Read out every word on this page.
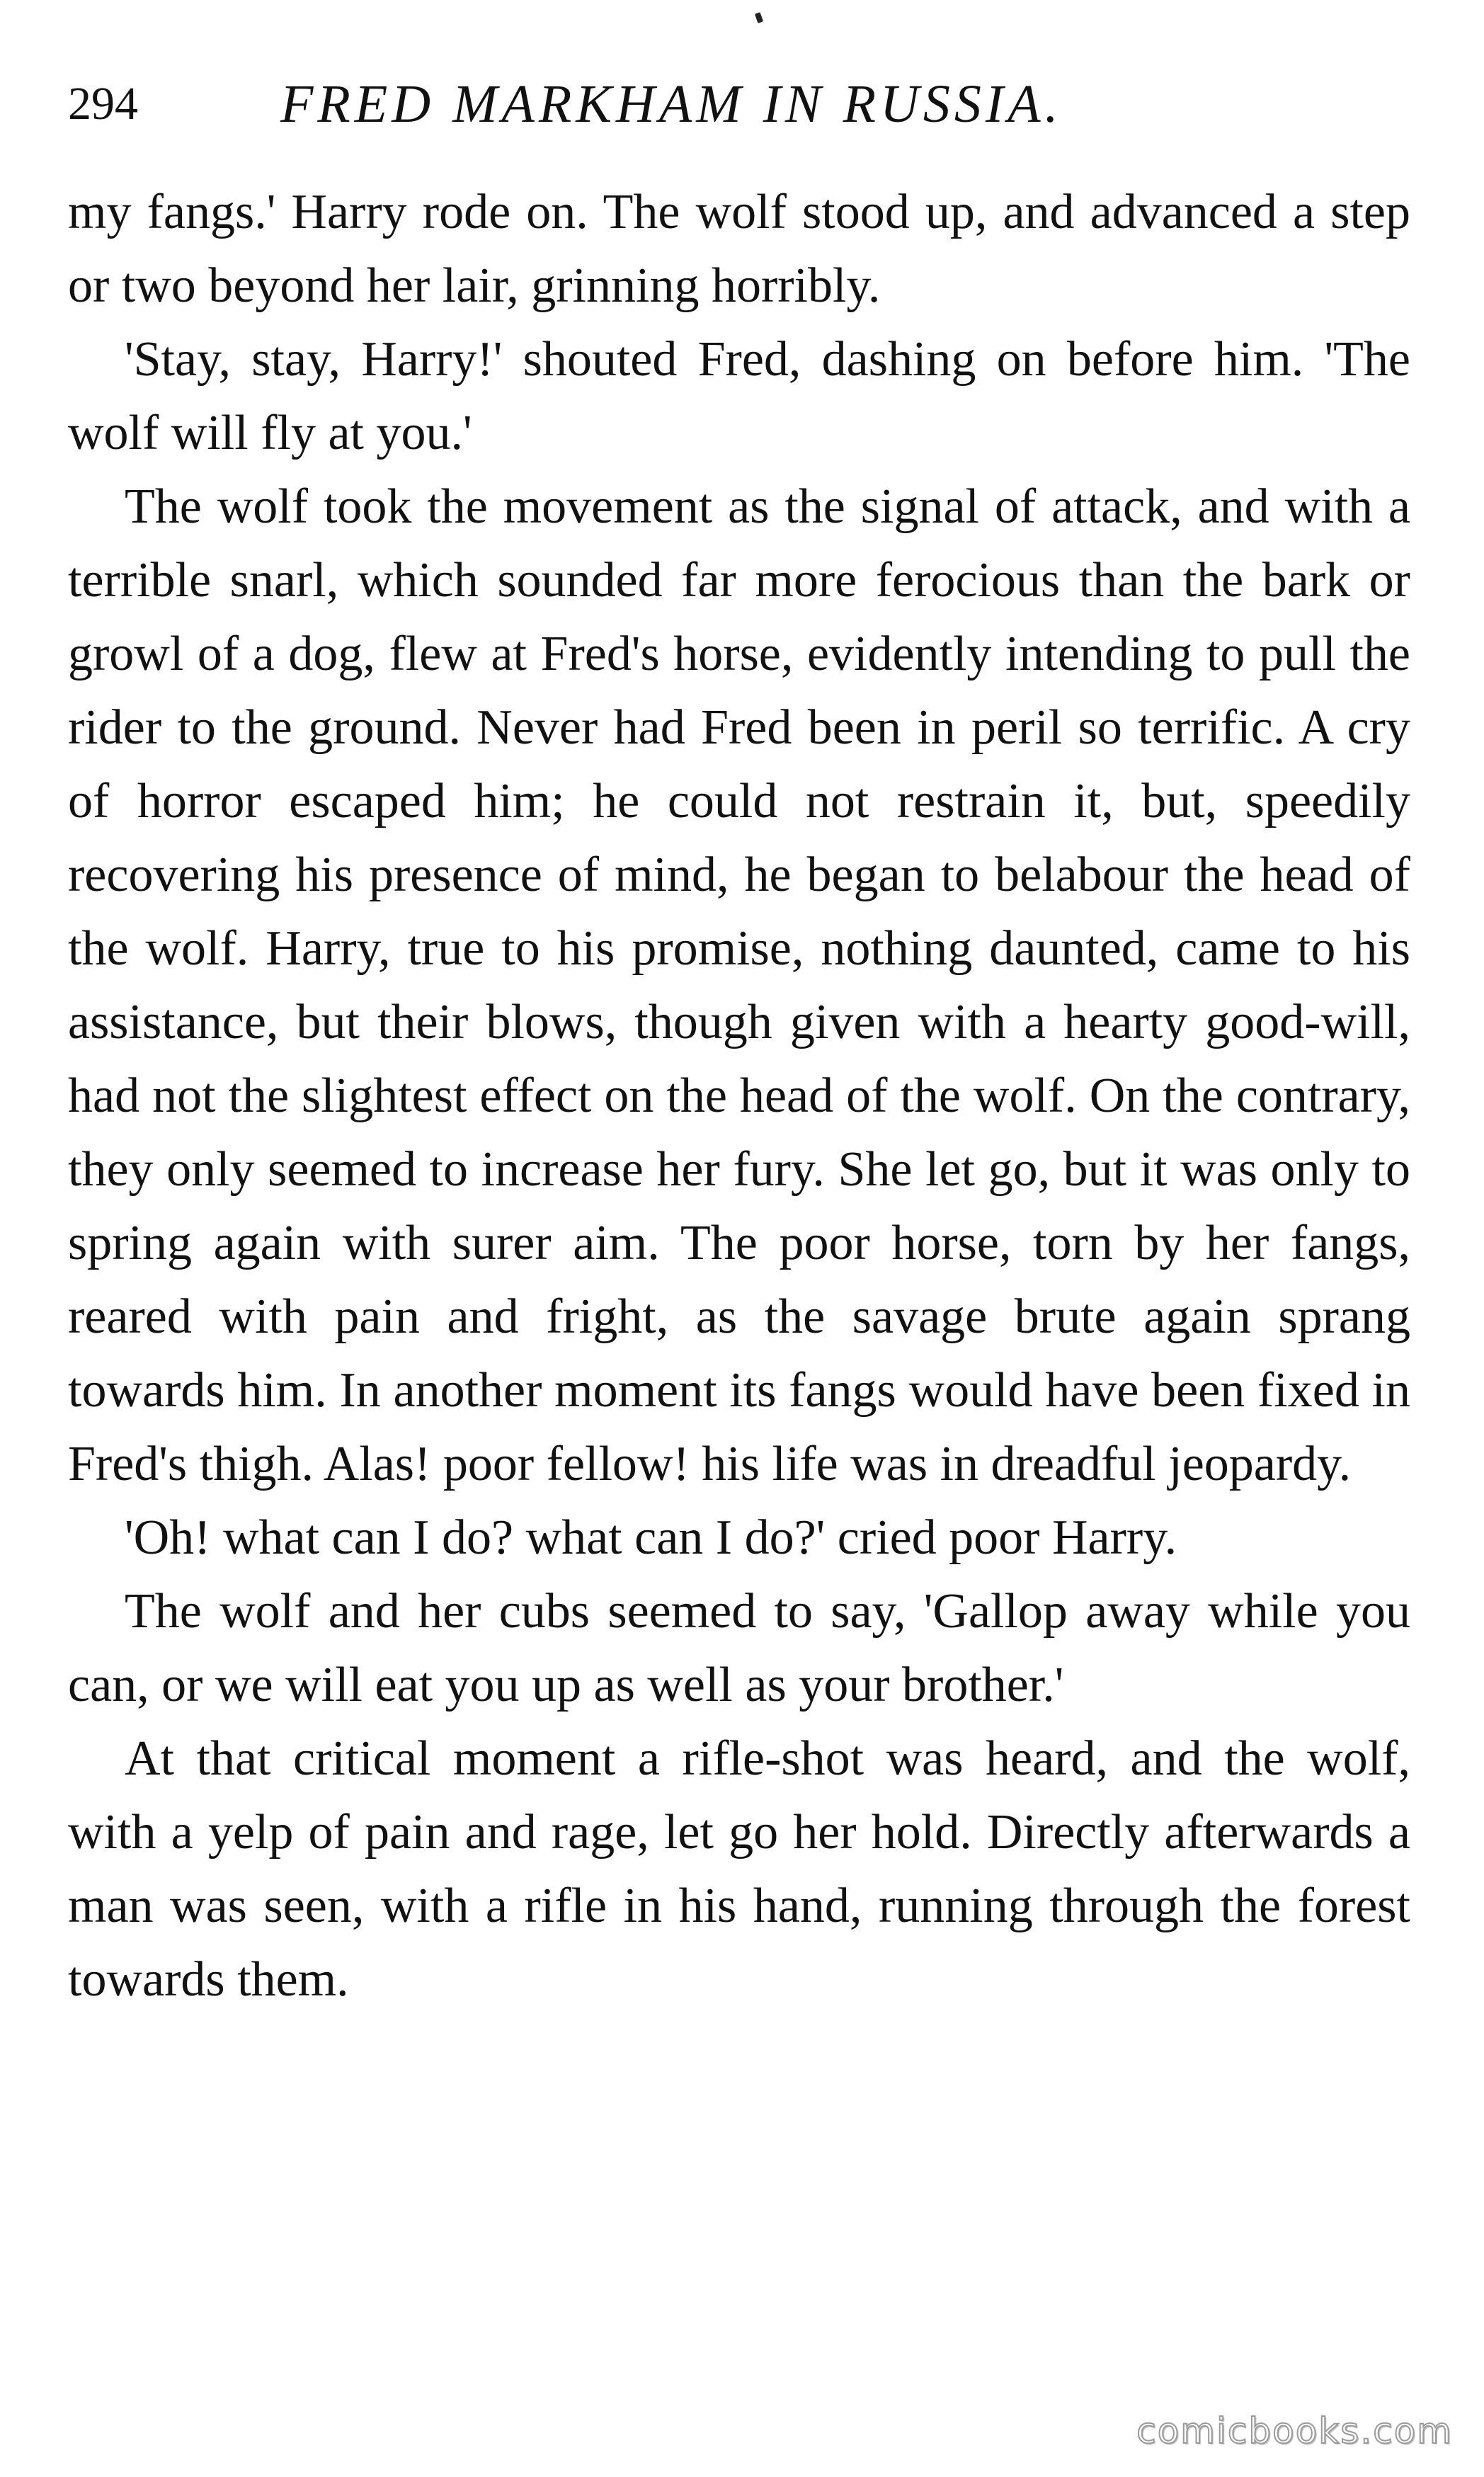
294	FRED MARKHAM IN RUSSIA.

my fangs.' Harry rode on. The wolf stood up, and advanced a step or two beyond her lair, grinning horribly.

'Stay, stay, Harry!' shouted Fred, dashing on before him. 'The wolf will fly at you.'

The wolf took the movement as the signal of attack, and with a terrible snarl, which sounded far more ferocious than the bark or growl of a dog, flew at Fred's horse, evidently intending to pull the rider to the ground. Never had Fred been in peril so terrific. A cry of horror escaped him; he could not restrain it, but, speedily recovering his presence of mind, he began to belabour the head of the wolf. Harry, true to his promise, nothing daunted, came to his assistance, but their blows, though given with a hearty good-will, had not the slightest effect on the head of the wolf. On the contrary, they only seemed to increase her fury. She let go, but it was only to spring again with surer aim. The poor horse, torn by her fangs, reared with pain and fright, as the savage brute again sprang towards him. In another moment its fangs would have been fixed in Fred's thigh. Alas! poor fellow! his life was in dreadful jeopardy.

'Oh! what can I do? what can I do?' cried poor Harry.

The wolf and her cubs seemed to say, 'Gallop away while you can, or we will eat you up as well as your brother.'

At that critical moment a rifle-shot was heard, and the wolf, with a yelp of pain and rage, let go her hold. Directly afterwards a man was seen, with a rifle in his hand, running through the forest towards them.

comicbooks.com
